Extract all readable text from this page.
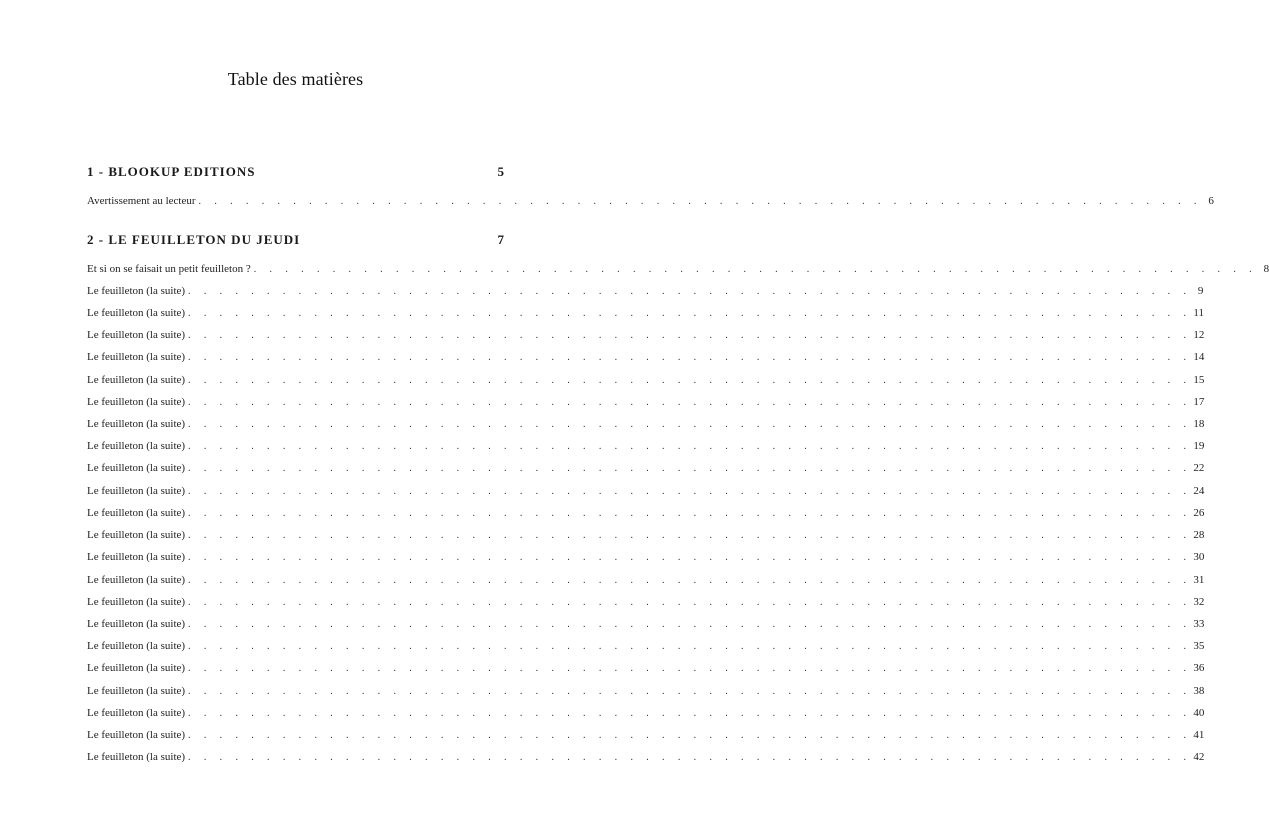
Table des matières
1 - BLOOKUP EDITIONS	5
Avertissement au lecteur . . . . . . . . . . . . . . . . . . . . . . . . . . . . . . . . . . . . . . . . . . . . . . . . . . . . . . . . . . . . . . . . 6
2 - LE FEUILLETON DU JEUDI	7
Et si on se faisait un petit feuilleton ? . . . . . . . . . . . . . . . . . . . . . . . . . . . . . . . . . . . . . . . . . . . . . . . . . . . . . . . . . . . . . . . . 8
Le feuilleton (la suite) . . . . . . . . . . . . . . . . . . . . . . . . . . . . . . . . . . . . . . . . . . . . . . . . . . . . . . . . . . . . . . . . 9
Le feuilleton (la suite) . . . . . . . . . . . . . . . . . . . . . . . . . . . . . . . . . . . . . . . . . . . . . . . . . . . . . . . . . . . . . . . . 11
Le feuilleton (la suite) . . . . . . . . . . . . . . . . . . . . . . . . . . . . . . . . . . . . . . . . . . . . . . . . . . . . . . . . . . . . . . . . 12
Le feuilleton (la suite) . . . . . . . . . . . . . . . . . . . . . . . . . . . . . . . . . . . . . . . . . . . . . . . . . . . . . . . . . . . . . . . . 14
Le feuilleton (la suite) . . . . . . . . . . . . . . . . . . . . . . . . . . . . . . . . . . . . . . . . . . . . . . . . . . . . . . . . . . . . . . . . 15
Le feuilleton (la suite) . . . . . . . . . . . . . . . . . . . . . . . . . . . . . . . . . . . . . . . . . . . . . . . . . . . . . . . . . . . . . . . . 17
Le feuilleton (la suite) . . . . . . . . . . . . . . . . . . . . . . . . . . . . . . . . . . . . . . . . . . . . . . . . . . . . . . . . . . . . . . . . 18
Le feuilleton (la suite) . . . . . . . . . . . . . . . . . . . . . . . . . . . . . . . . . . . . . . . . . . . . . . . . . . . . . . . . . . . . . . . . 19
Le feuilleton (la suite) . . . . . . . . . . . . . . . . . . . . . . . . . . . . . . . . . . . . . . . . . . . . . . . . . . . . . . . . . . . . . . . . 22
Le feuilleton (la suite) . . . . . . . . . . . . . . . . . . . . . . . . . . . . . . . . . . . . . . . . . . . . . . . . . . . . . . . . . . . . . . . . 24
Le feuilleton (la suite) . . . . . . . . . . . . . . . . . . . . . . . . . . . . . . . . . . . . . . . . . . . . . . . . . . . . . . . . . . . . . . . . 26
Le feuilleton (la suite) . . . . . . . . . . . . . . . . . . . . . . . . . . . . . . . . . . . . . . . . . . . . . . . . . . . . . . . . . . . . . . . . 28
Le feuilleton (la suite) . . . . . . . . . . . . . . . . . . . . . . . . . . . . . . . . . . . . . . . . . . . . . . . . . . . . . . . . . . . . . . . . 30
Le feuilleton (la suite) . . . . . . . . . . . . . . . . . . . . . . . . . . . . . . . . . . . . . . . . . . . . . . . . . . . . . . . . . . . . . . . . 31
Le feuilleton (la suite) . . . . . . . . . . . . . . . . . . . . . . . . . . . . . . . . . . . . . . . . . . . . . . . . . . . . . . . . . . . . . . . . 32
Le feuilleton (la suite) . . . . . . . . . . . . . . . . . . . . . . . . . . . . . . . . . . . . . . . . . . . . . . . . . . . . . . . . . . . . . . . . 33
Le feuilleton (la suite) . . . . . . . . . . . . . . . . . . . . . . . . . . . . . . . . . . . . . . . . . . . . . . . . . . . . . . . . . . . . . . . . 35
Le feuilleton (la suite) . . . . . . . . . . . . . . . . . . . . . . . . . . . . . . . . . . . . . . . . . . . . . . . . . . . . . . . . . . . . . . . . 36
Le feuilleton (la suite) . . . . . . . . . . . . . . . . . . . . . . . . . . . . . . . . . . . . . . . . . . . . . . . . . . . . . . . . . . . . . . . . 38
Le feuilleton (la suite) . . . . . . . . . . . . . . . . . . . . . . . . . . . . . . . . . . . . . . . . . . . . . . . . . . . . . . . . . . . . . . . . 40
Le feuilleton (la suite) . . . . . . . . . . . . . . . . . . . . . . . . . . . . . . . . . . . . . . . . . . . . . . . . . . . . . . . . . . . . . . . . 41
Le feuilleton (la suite) . . . . . . . . . . . . . . . . . . . . . . . . . . . . . . . . . . . . . . . . . . . . . . . . . . . . . . . . . . . . . . . . 42
